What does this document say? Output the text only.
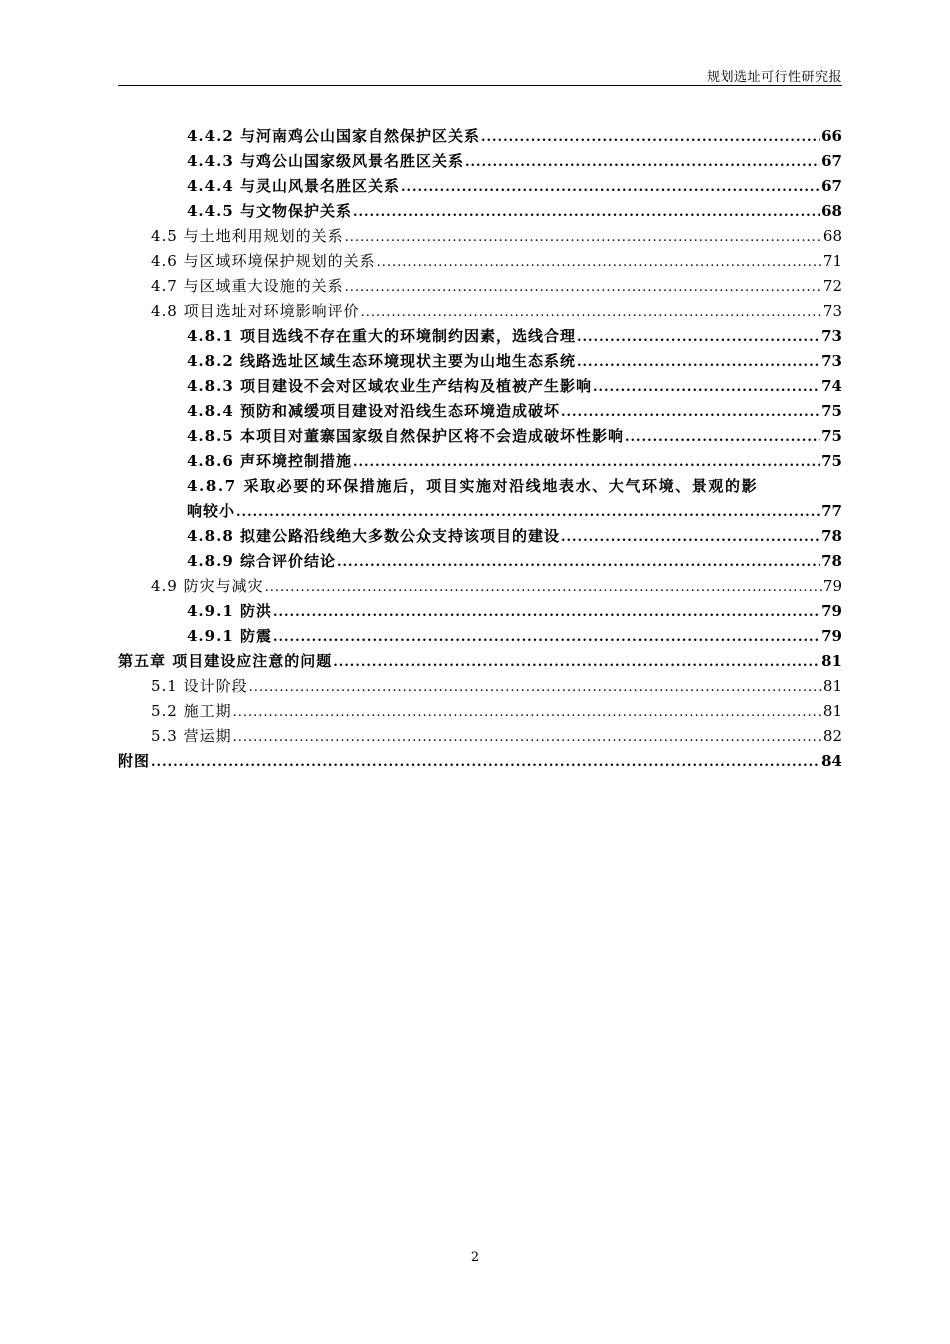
规划选址可行性研究报
4.4.2 与河南鸡公山国家自然保护区关系 .....	66
4.4.3 与鸡公山国家级风景名胜区关系 .....	67
4.4.4 与灵山风景名胜区关系 .....	67
4.4.5 与文物保护关系 .....	68
4.5 与土地利用规划的关系 .....	68
4.6 与区域环境保护规划的关系 .....	71
4.7 与区域重大设施的关系 .....	72
4.8 项目选址对环境影响评价 .....	73
4.8.1 项目选线不存在重大的环境制约因素，选线合理 .....	73
4.8.2 线路选址区域生态环境现状主要为山地生态系统 .....	73
4.8.3 项目建设不会对区域农业生产结构及植被产生影响 .....	74
4.8.4 预防和减缓项目建设对沿线生态环境造成破坏 .....	75
4.8.5 本项目对董寨国家级自然保护区将不会造成破坏性影响 .....	75
4.8.6 声环境控制措施 .....	75
4.8.7 采取必要的环保措施后，项目实施对沿线地表水、大气环境、景观的影
响较小 .....	77
4.8.8 拟建公路沿线绝大多数公众支持该项目的建设 .....	78
4.8.9 综合评价结论 .....	78
4.9 防灾与减灾 .....	79
4.9.1 防洪 .....	79
4.9.1 防震 .....	79
第五章 项目建设应注意的问题 .....	81
5.1 设计阶段 .....	81
5.2 施工期 .....	81
5.3 营运期 .....	82
附图 .....	84
2
